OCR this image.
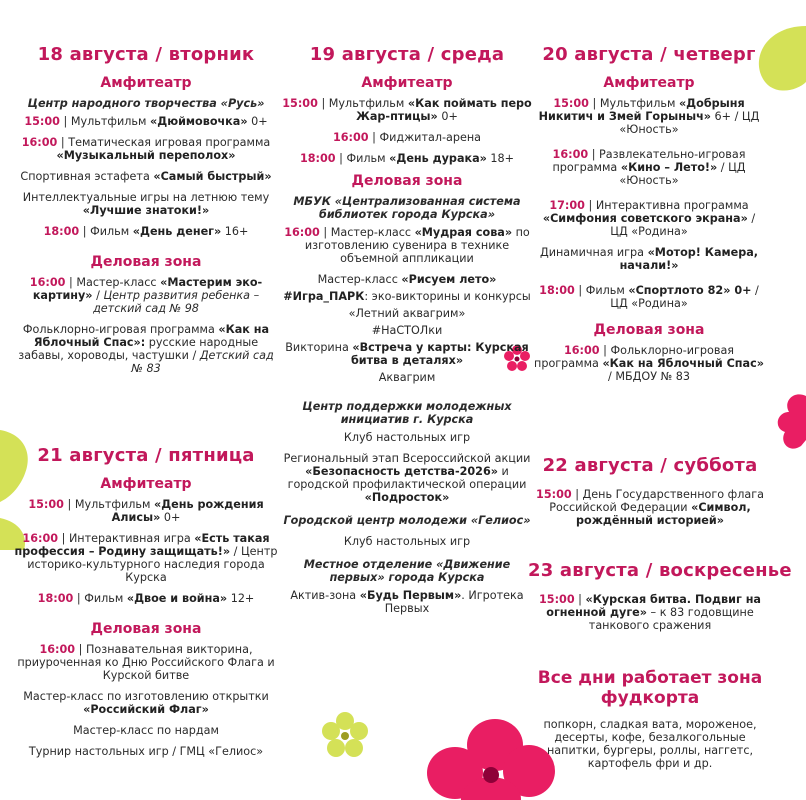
18 августа / вторник
Амфитеатр
Центр народного творчества «Русь»
15:00 | Мультфильм «Дюймовочка» 0+
16:00 | Тематическая игровая программа «Музыкальный переполох»
Спортивная эстафета «Самый быстрый»
Интеллектуальные игры на летнюю тему «Лучшие знатоки!»
18:00 | Фильм «День денег» 16+
Деловая зона
16:00 | Мастер-класс «Мастерим эко-картину» / Центр развития ребенка – детский сад № 98
Фольклорно-игровая программа «Как на Яблочный Спас»: русские народные забавы, хороводы, частушки / Детский сад № 83
19 августа / среда
Амфитеатр
15:00 | Мультфильм «Как поймать перо Жар-птицы» 0+
16:00 | Фиджитал-арена
18:00 | Фильм «День дурака» 18+
Деловая зона
МБУК «Централизованная система библиотек города Курска»
16:00 | Мастер-класс «Мудрая сова» по изготовлению сувенира в технике объемной аппликации
Мастер-класс «Рисуем лето»
#Игра_ПАРК: эко-викторины и конкурсы
«Летний аквагрим»
#НаСТОЛки
Викторина «Встреча у карты: Курская битва в деталях»
Аквагрим
Центр поддержки молодежных инициатив г. Курска
Клуб настольных игр
Региональный этап Всероссийской акции «Безопасность детства-2026» и городской профилактической операции «Подросток»
Городской центр молодежи «Гелиос»
Клуб настольных игр
Местное отделение «Движение первых» города Курска
Актив-зона «Будь Первым». Игротека Первых
20 августа / четверг
Амфитеатр
15:00 | Мультфильм «Добрыня Никитич и Змей Горыныч» 6+ / ЦД «Юность»
16:00 | Развлекательно-игровая программа «Кино – Лето!» / ЦД «Юность»
17:00 | Интерактивна программа «Симфония советского экрана» / ЦД «Родина»
Динамичная игра «Мотор! Камера, начали!»
18:00 | Фильм «Спортлото 82» 0+ / ЦД «Родина»
Деловая зона
16:00 | Фольклорно-игровая программа «Как на Яблочный Спас» / МБДОУ № 83
21 августа / пятница
Амфитеатр
15:00 | Мультфильм «День рождения Алисы» 0+
16:00 | Интерактивная игра «Есть такая профессия – Родину защищать!» / Центр историко-культурного наследия города Курска
18:00 | Фильм «Двое и война» 12+
Деловая зона
16:00 | Познавательная викторина, приуроченная ко Дню Российского Флага и Курской битве
Мастер-класс по изготовлению открытки «Российский Флаг»
Мастер-класс по нардам
Турнир настольных игр / ГМЦ «Гелиос»
22 августа / суббота
15:00 | День Государственного флага Российской Федерации «Символ, рождённый историей»
23 августа / воскресенье
15:00 | «Курская битва. Подвиг на огненной дуге» – к 83 годовщине танкового сражения
Все дни работает зона фудкорта
попкорн, сладкая вата, мороженое, десерты, кофе, безалкогольные напитки, бургеры, роллы, наггетс, картофель фри и др.
